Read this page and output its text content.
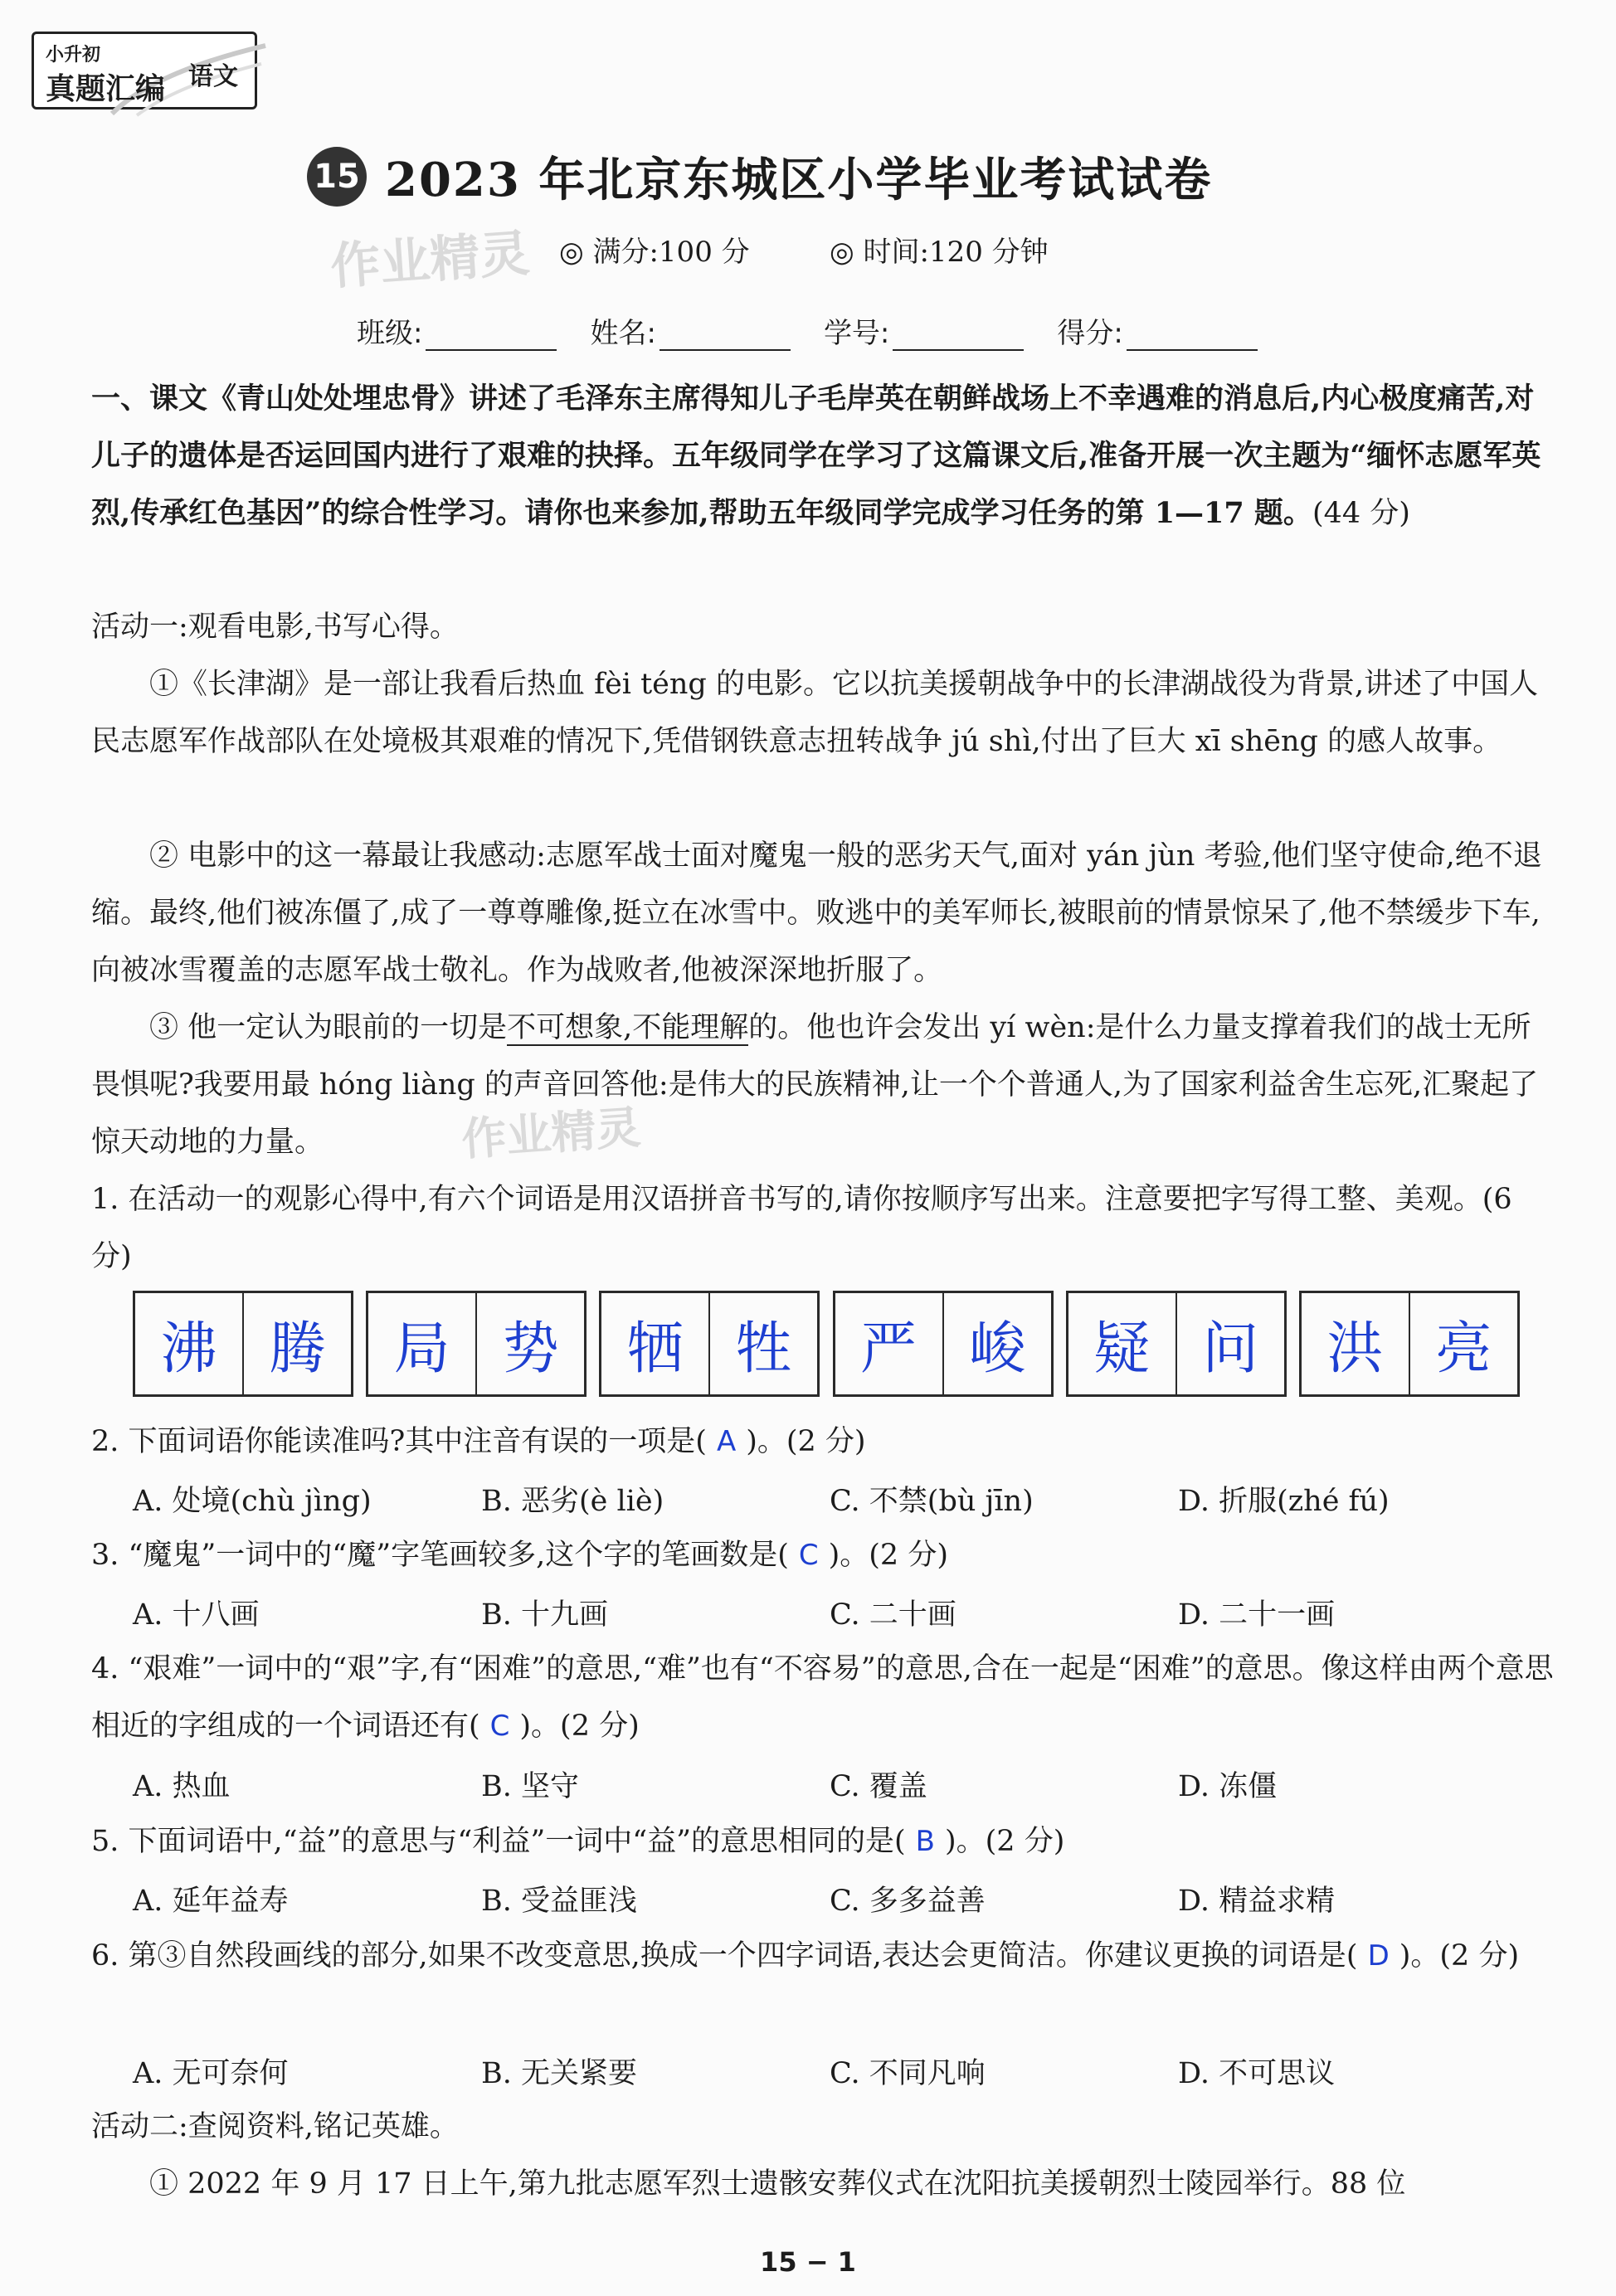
小升初
真题汇编 语文
15 2023 年北京东城区小学毕业考试试卷
作业精灵 ◎ 满分:100 分	◎ 时间:120 分钟
班级:	姓名:	学号:	得分:

一、课文《青山处处埋忠骨》讲述了毛泽东主席得知儿子毛岸英在朝鲜战场上不幸遇难的消息后,内心极度痛苦,对儿子的遗体是否运回国内进行了艰难的抉择。五年级同学在学习了这篇课文后,准备开展一次主题为“缅怀志愿军英烈,传承红色基因”的综合性学习。请你也来参加,帮助五年级同学完成学习任务的第 1—17 题。(44 分)

活动一:观看电影,书写心得。

①《长津湖》是一部让我看后热血 fèi téng 的电影。它以抗美援朝战争中的长津湖战役为背景,讲述了中国人民志愿军作战部队在处境极其艰难的情况下,凭借钢铁意志扭转战争 jú shì,付出了巨大 xī shēng 的感人故事。

② 电影中的这一幕最让我感动:志愿军战士面对魔鬼一般的恶劣天气,面对 yán jùn 考验,他们坚守使命,绝不退缩。最终,他们被冻僵了,成了一尊尊雕像,挺立在冰雪中。败逃中的美军师长,被眼前的情景惊呆了,他不禁缓步下车,向被冰雪覆盖的志愿军战士敬礼。作为战败者,他被深深地折服了。

③ 他一定认为眼前的一切是不可想象,不能理解的。他也许会发出 yí wèn:是什么力量支撑着我们的战士无所畏惧呢?我要用最 hóng liàng 的声音回答他:是伟大的民族精神,让一个个普通人,为了国家利益舍生忘死,汇聚起了惊天动地的力量。	作业精灵

1. 在活动一的观影心得中,有六个词语是用汉语拼音书写的,请你按顺序写出来。注意要把字写得工整、美观。(6 分)

沸 腾	局 势	牺 牲	严 峻	疑 问	洪 亮

2. 下面词语你能读准吗?其中注音有误的一项是( A )。(2 分)

A. 处境(chù jìng)	B. 恶劣(è liè)	C. 不禁(bù jīn)	D. 折服(zhé fú)

3. “魔鬼”一词中的“魔”字笔画较多,这个字的笔画数是( C )。(2 分)

A. 十八画	B. 十九画	C. 二十画	D. 二十一画

4. “艰难”一词中的“艰”字,有“困难”的意思,“难”也有“不容易”的意思,合在一起是“困难”的意思。像这样由两个意思相近的字组成的一个词语还有( C )。(2 分)

A. 热血	B. 坚守	C. 覆盖	D. 冻僵

5. 下面词语中,“益”的意思与“利益”一词中“益”的意思相同的是( B )。(2 分)

A. 延年益寿	B. 受益匪浅	C. 多多益善	D. 精益求精

6. 第③自然段画线的部分,如果不改变意思,换成一个四字词语,表达会更简洁。你建议更换的词语是( D )。(2 分)

A. 无可奈何	B. 无关紧要	C. 不同凡响	D. 不可思议

活动二:查阅资料,铭记英雄。

① 2022 年 9 月 17 日上午,第九批志愿军烈士遗骸安葬仪式在沈阳抗美援朝烈士陵园举行。88 位

15 − 1
